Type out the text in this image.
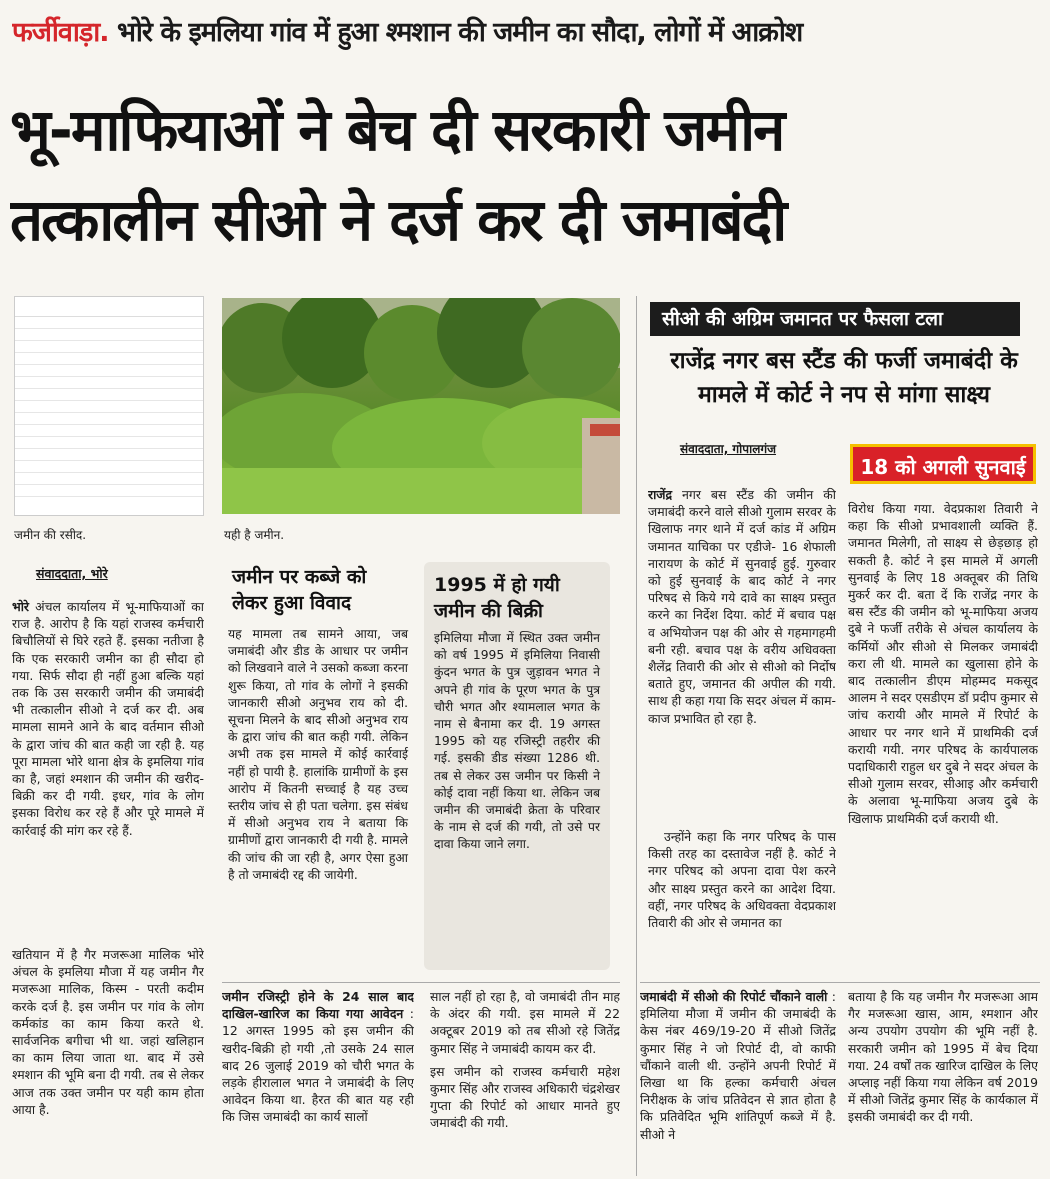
फर्जीवाड़ा. भोरे के इमलिया गांव में हुआ श्मशान की जमीन का सौदा, लोगों में आक्रोश
भू-माफियाओं ने बेच दी सरकारी जमीन
तत्कालीन सीओ ने दर्ज कर दी जमाबंदी

जमीन की रसीद.	यही है जमीन.
संवाददाता, भोरे
भोरे अंचल कार्यालय में भू-माफियाओं का राज है. आरोप है कि यहां राजस्व कर्मचारी बिचौलियों से घिरे रहते हैं. इसका नतीजा है कि एक सरकारी जमीन का ही सौदा हो गया. सिर्फ सौदा ही नहीं हुआ बल्कि यहां तक कि उस सरकारी जमीन की जमाबंदी भी तत्कालीन सीओ ने दर्ज कर दी. अब मामला सामने आने के बाद वर्तमान सीओ के द्वारा जांच की बात कही जा रही है. यह पूरा मामला भोरे थाना क्षेत्र के इमलिया गांव का है, जहां श्मशान की जमीन की खरीद-बिक्री कर दी गयी. इधर, गांव के लोग इसका विरोध कर रहे हैं और पूरे मामले में कार्रवाई की मांग कर रहे हैं.
खतियान में है गैर मजरूआ मालिक भोरे अंचल के इमलिया मौजा में यह जमीन गैर मजरूआ मालिक, किस्म - परती कदीम करके दर्ज है. इस जमीन पर गांव के लोग कर्मकांड का काम किया करते थे. सार्वजनिक बगीचा भी था. जहां खलिहान का काम लिया जाता था. बाद में उसे श्मशान की भूमि बना दी गयी. तब से लेकर आज तक उक्त जमीन पर यही काम होता आया है.
जमीन पर कब्जे को लेकर हुआ विवाद
यह मामला तब सामने आया, जब जमाबंदी और डीड के आधार पर जमीन को लिखवाने वाले ने उसको कब्जा करना शुरू किया, तो गांव के लोगों ने इसकी जानकारी सीओ अनुभव राय को दी. सूचना मिलने के बाद सीओ अनुभव राय के द्वारा जांच की बात कही गयी. लेकिन अभी तक इस मामले में कोई कार्रवाई नहीं हो पायी है. हालांकि ग्रामीणों के इस आरोप में कितनी सच्चाई है यह उच्च स्तरीय जांच से ही पता चलेगा. इस संबंध में सीओ अनुभव राय ने बताया कि ग्रामीणों द्वारा जानकारी दी गयी है. मामले की जांच की जा रही है, अगर ऐसा हुआ है तो जमाबंदी रद्द की जायेगी.
1995 में हो गयी जमीन की बिक्री
इमिलिया मौजा में स्थित उक्त जमीन को वर्ष 1995 में इमिलिया निवासी कुंदन भगत के पुत्र जुड़ावन भगत ने अपने ही गांव के पूरण भगत के पुत्र चौरी भगत और श्यामलाल भगत के नाम से बैनामा कर दी. 19 अगस्त 1995 को यह रजिस्ट्री तहरीर की गई. इसकी डीड संख्या 1286 थी. तब से लेकर उस जमीन पर किसी ने कोई दावा नहीं किया था. लेकिन जब जमीन की जमाबंदी क्रेता के परिवार के नाम से दर्ज की गयी, तो उसे पर दावा किया जाने लगा.
जमीन रजिस्ट्री होने के 24 साल बाद दाखिल-खारिज का किया गया आवेदन : 12 अगस्त 1995 को इस जमीन की खरीद-बिक्री हो गयी ,तो उसके 24 साल बाद 26 जुलाई 2019 को चौरी भगत के लड़के हीरालाल भगत ने जमाबंदी के लिए आवेदन किया था. हैरत की बात यह रही कि जिस जमाबंदी का कार्य सालों
साल नहीं हो रहा है, वो जमाबंदी तीन माह के अंदर की गयी. इस मामले में 22 अक्टूबर 2019 को तब सीओ रहे जितेंद्र कुमार सिंह ने जमाबंदी कायम कर दी.
इस जमीन को राजस्व कर्मचारी महेश कुमार सिंह और राजस्व अधिकारी चंद्रशेखर गुप्ता की रिपोर्ट को आधार मानते हुए जमाबंदी की गयी.
सीओ की अग्रिम जमानत पर फैसला टला
राजेंद्र नगर बस स्टैंड की फर्जी जमाबंदी के मामले में कोर्ट ने नप से मांगा साक्ष्य
संवाददाता, गोपालगंज
18 को अगली सुनवाई
राजेंद्र नगर बस स्टैंड की जमीन की जमाबंदी करने वाले सीओ गुलाम सरवर के खिलाफ नगर थाने में दर्ज कांड में अग्रिम जमानत याचिका पर एडीजे- 16 शेफाली नारायण के कोर्ट में सुनवाई हुई. गुरुवार को हुई सुनवाई के बाद कोर्ट ने नगर परिषद से किये गये दावे का साक्ष्य प्रस्तुत करने का निर्देश दिया. कोर्ट में बचाव पक्ष व अभियोजन पक्ष की ओर से गहमागहमी बनी रही. बचाव पक्ष के वरीय अधिवक्ता शैलेंद्र तिवारी की ओर से सीओ को निर्दोष बताते हुए, जमानत की अपील की गयी. साथ ही कहा गया कि सदर अंचल में काम-काज प्रभावित हो रहा है.
उन्होंने कहा कि नगर परिषद के पास किसी तरह का दस्तावेज नहीं है. कोर्ट ने नगर परिषद को अपना दावा पेश करने और साक्ष्य प्रस्तुत करने का आदेश दिया. वहीं, नगर परिषद के अधिवक्ता वेदप्रकाश तिवारी की ओर से जमानत का
विरोध किया गया. वेदप्रकाश तिवारी ने कहा कि सीओ प्रभावशाली व्यक्ति हैं. जमानत मिलेगी, तो साक्ष्य से छेड़छाड़ हो सकती है. कोर्ट ने इस मामले में अगली सुनवाई के लिए 18 अक्तूबर की तिथि मुकर्र कर दी. बता दें कि राजेंद्र नगर के बस स्टैंड की जमीन को भू-माफिया अजय दुबे ने फर्जी तरीके से अंचल कार्यालय के कर्मियों और सीओ से मिलकर जमाबंदी करा ली थी. मामले का खुलासा होने के बाद तत्कालीन डीएम मोहम्मद मकसूद आलम ने सदर एसडीएम डॉ प्रदीप कुमार से जांच करायी और मामले में रिपोर्ट के आधार पर नगर थाने में प्राथमिकी दर्ज करायी गयी. नगर परिषद के कार्यपालक पदाधिकारी राहुल धर दुबे ने सदर अंचल के सीओ गुलाम सरवर, सीआइ और कर्मचारी के अलावा भू-माफिया अजय दुबे के खिलाफ प्राथमिकी दर्ज करायी थी.
जमाबंदी में सीओ की रिपोर्ट चौंकाने वाली : इमिलिया मौजा में जमीन की जमाबंदी के केस नंबर 469/19-20 में सीओ जितेंद्र कुमार सिंह ने जो रिपोर्ट दी, वो काफी चौंकाने वाली थी. उन्होंने अपनी रिपोर्ट में लिखा था कि हल्का कर्मचारी अंचल निरीक्षक के जांच प्रतिवेदन से ज्ञात होता है कि प्रतिवेदित भूमि शांतिपूर्ण कब्जे में है. सीओ ने
बताया है कि यह जमीन गैर मजरूआ आम गैर मजरूआ खास, आम, श्मशान और अन्य उपयोग उपयोग की भूमि नहीं है. सरकारी जमीन को 1995 में बेच दिया गया. 24 वर्षों तक खारिज दाखिल के लिए अप्लाइ नहीं किया गया लेकिन वर्ष 2019 में सीओ जितेंद्र कुमार सिंह के कार्यकाल में इसकी जमाबंदी कर दी गयी.
